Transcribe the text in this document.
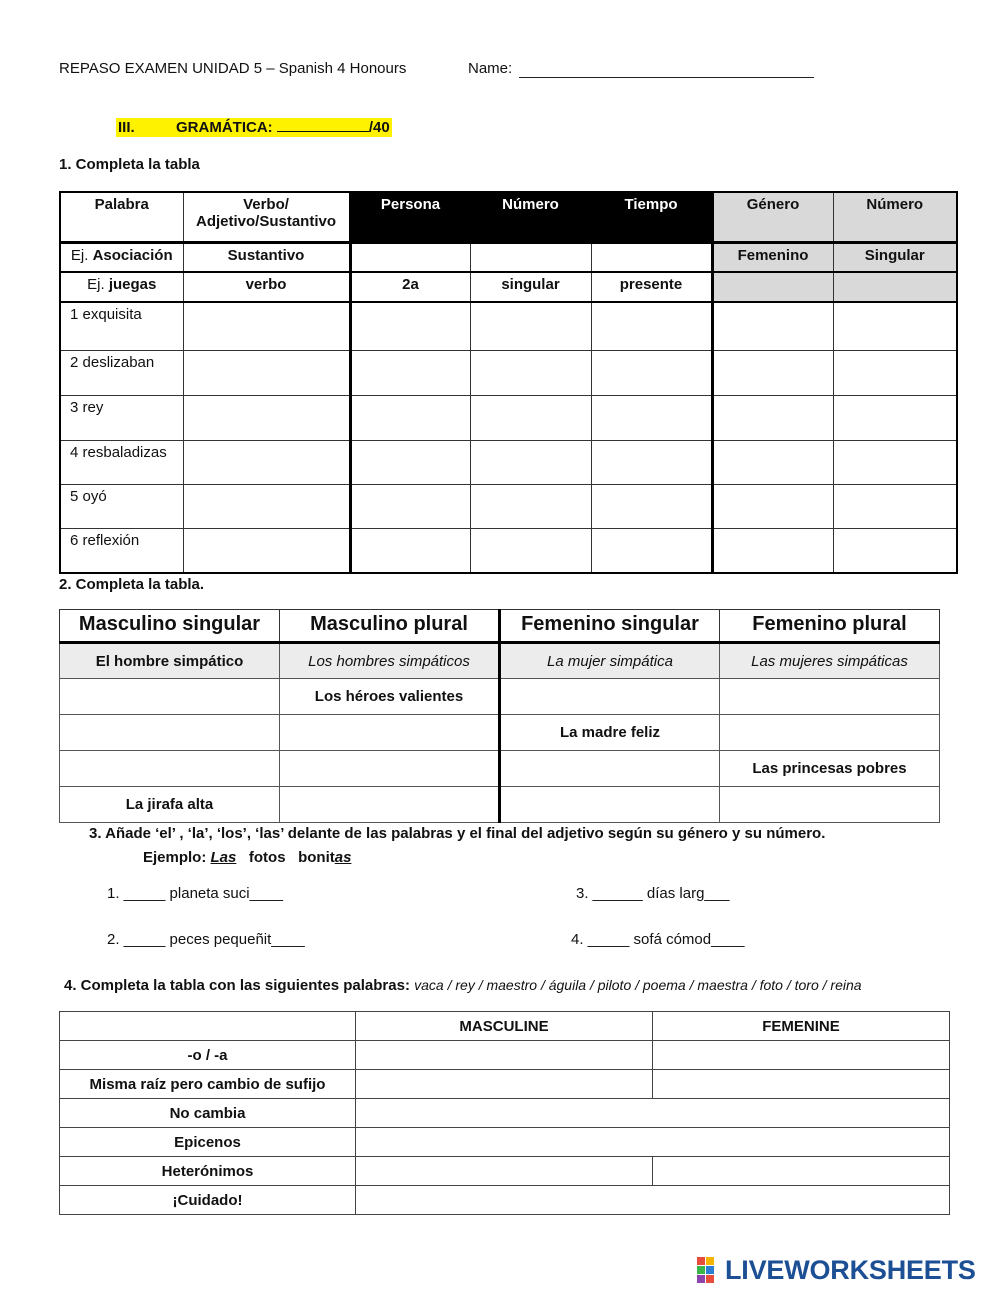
REPASO EXAMEN UNIDAD 5 – Spanish 4 Honours	Name:
III.	GRAMÁTICA:	/40
1. Completa la tabla
Palabra	Verbo/ Adjetivo/Sustantivo	Persona	Número	Tiempo	Género	Número
Ej. Asociación	Sustantivo				Femenino	Singular
Ej. juegas	verbo	2a	singular	presente		
1 exquisita						
2 deslizaban						
3 rey						
4 resbaladizas						
5 oyó						
6 reflexión						
2. Completa la tabla.
Masculino singular	Masculino plural	Femenino singular	Femenino plural
El hombre simpático	Los hombres simpáticos	La mujer simpática	Las mujeres simpáticas
	Los héroes valientes		
		La madre feliz	
			Las princesas pobres
La jirafa alta			
3. Añade ‘el’ , ‘la’, ‘los’, ‘las’ delante de las palabras y el final del adjetivo según su género y su número.
Ejemplo: Las fotos bonitas
1. _____ planeta suci____
2. _____ peces pequeñit____
3. ______ días larg___
4. _____ sofá cómod____
4. Completa la tabla con las siguientes palabras: vaca / rey / maestro / águila / piloto / poema / maestra / foto / toro / reina
	MASCULINE	FEMENINE
-o / -a		
Misma raíz pero cambio de sufijo		
No cambia		
Epicenos		
Heterónimos		
¡Cuidado!		
LIVEWORKSHEETS
